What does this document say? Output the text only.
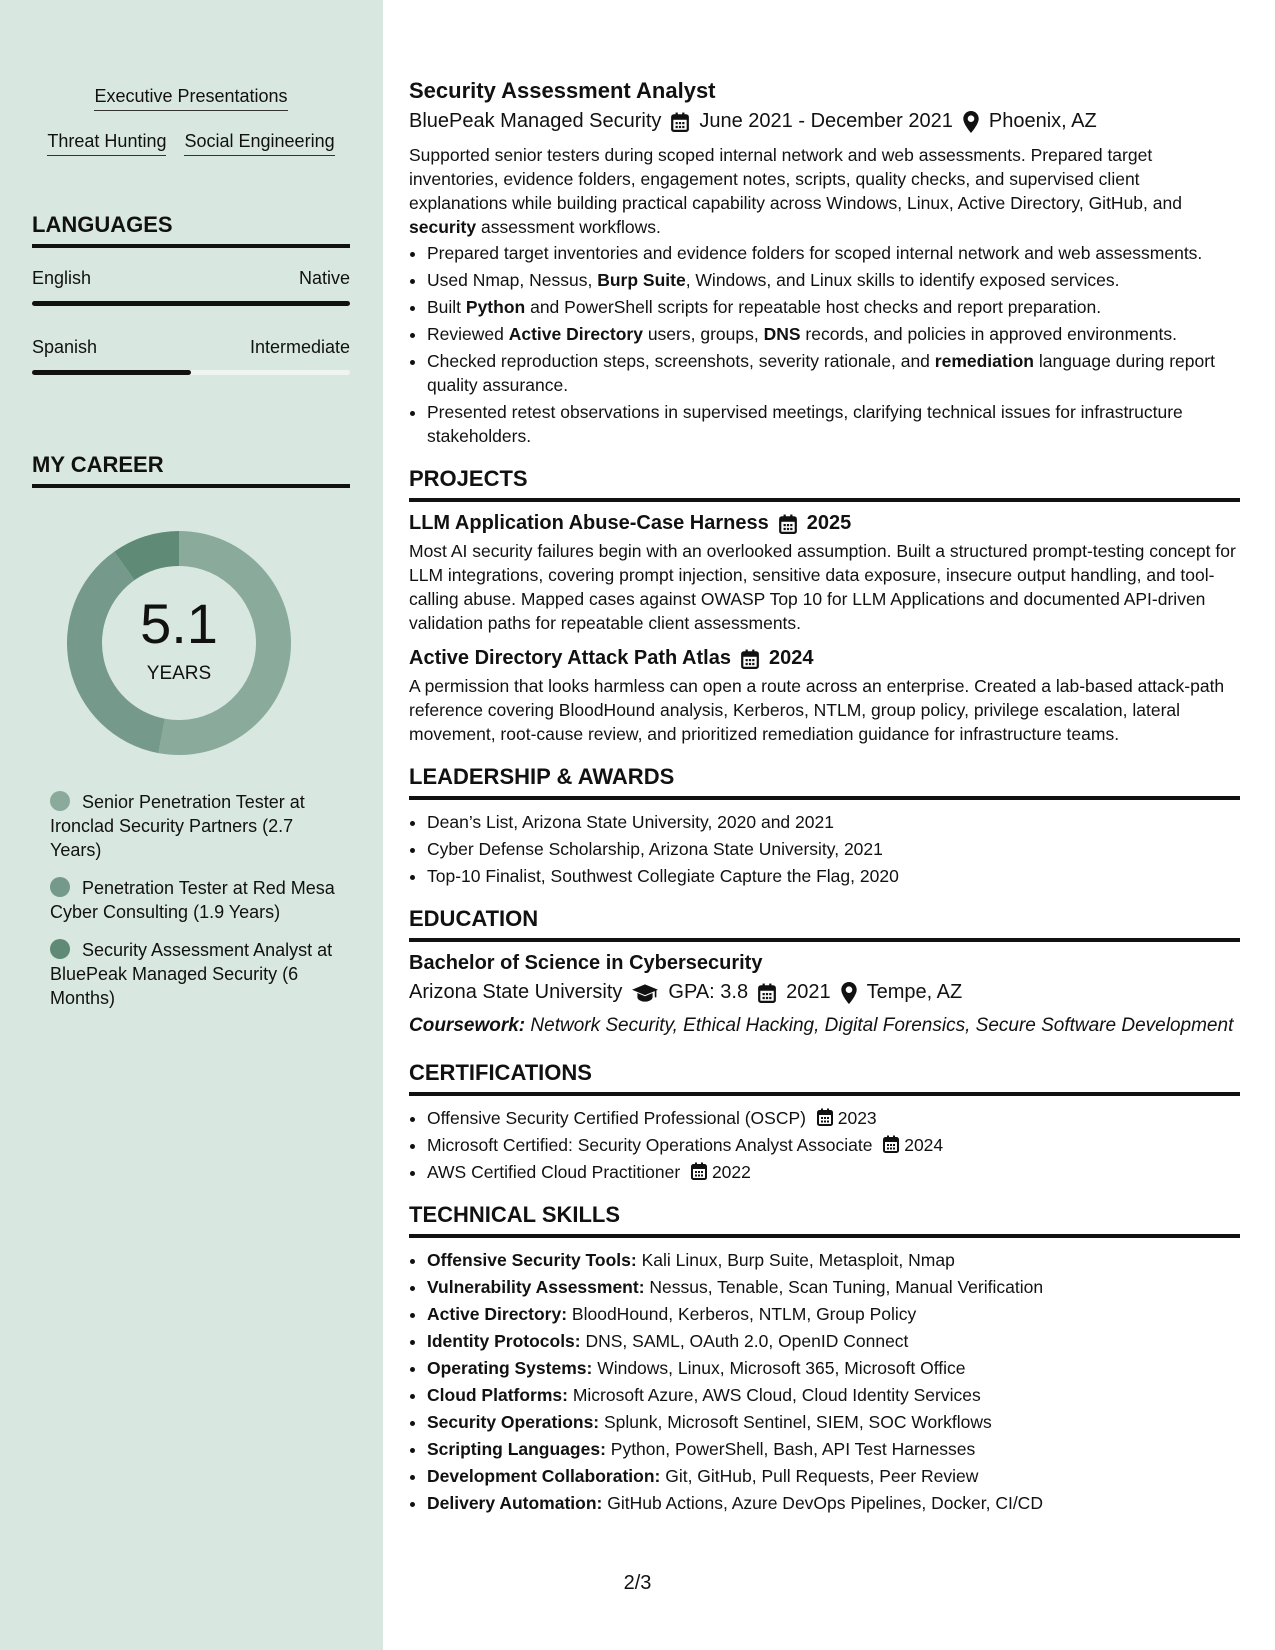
Executive Presentations
Threat Hunting Social Engineering
LANGUAGES
English	Native
Spanish	Intermediate
MY CAREER
5.1
YEARS
Senior Penetration Tester at Ironclad Security Partners (2.7 Years)
Penetration Tester at Red Mesa Cyber Consulting (1.9 Years)
Security Assessment Analyst at BluePeak Managed Security (6 Months)
Security Assessment Analyst
BluePeak Managed Security June 2021 - December 2021 Phoenix, AZ
Supported senior testers during scoped internal network and web assessments. Prepared target inventories, evidence folders, engagement notes, scripts, quality checks, and supervised client explanations while building practical capability across Windows, Linux, Active Directory, GitHub, and security assessment workflows.
• Prepared target inventories and evidence folders for scoped internal network and web assessments.
• Used Nmap, Nessus, Burp Suite, Windows, and Linux skills to identify exposed services.
• Built Python and PowerShell scripts for repeatable host checks and report preparation.
• Reviewed Active Directory users, groups, DNS records, and policies in approved environments.
• Checked reproduction steps, screenshots, severity rationale, and remediation language during report quality assurance.
• Presented retest observations in supervised meetings, clarifying technical issues for infrastructure stakeholders.
PROJECTS
LLM Application Abuse-Case Harness 2025
Most AI security failures begin with an overlooked assumption. Built a structured prompt-testing concept for LLM integrations, covering prompt injection, sensitive data exposure, insecure output handling, and tool-calling abuse. Mapped cases against OWASP Top 10 for LLM Applications and documented API-driven validation paths for repeatable client assessments.
Active Directory Attack Path Atlas 2024
A permission that looks harmless can open a route across an enterprise. Created a lab-based attack-path reference covering BloodHound analysis, Kerberos, NTLM, group policy, privilege escalation, lateral movement, root-cause review, and prioritized remediation guidance for infrastructure teams.
LEADERSHIP & AWARDS
• Dean’s List, Arizona State University, 2020 and 2021
• Cyber Defense Scholarship, Arizona State University, 2021
• Top-10 Finalist, Southwest Collegiate Capture the Flag, 2020
EDUCATION
Bachelor of Science in Cybersecurity
Arizona State University GPA: 3.8 2021 Tempe, AZ
Coursework: Network Security, Ethical Hacking, Digital Forensics, Secure Software Development
CERTIFICATIONS
• Offensive Security Certified Professional (OSCP) 2023
• Microsoft Certified: Security Operations Analyst Associate 2024
• AWS Certified Cloud Practitioner 2022
TECHNICAL SKILLS
• Offensive Security Tools: Kali Linux, Burp Suite, Metasploit, Nmap
• Vulnerability Assessment: Nessus, Tenable, Scan Tuning, Manual Verification
• Active Directory: BloodHound, Kerberos, NTLM, Group Policy
• Identity Protocols: DNS, SAML, OAuth 2.0, OpenID Connect
• Operating Systems: Windows, Linux, Microsoft 365, Microsoft Office
• Cloud Platforms: Microsoft Azure, AWS Cloud, Cloud Identity Services
• Security Operations: Splunk, Microsoft Sentinel, SIEM, SOC Workflows
• Scripting Languages: Python, PowerShell, Bash, API Test Harnesses
• Development Collaboration: Git, GitHub, Pull Requests, Peer Review
• Delivery Automation: GitHub Actions, Azure DevOps Pipelines, Docker, CI/CD
2/3
